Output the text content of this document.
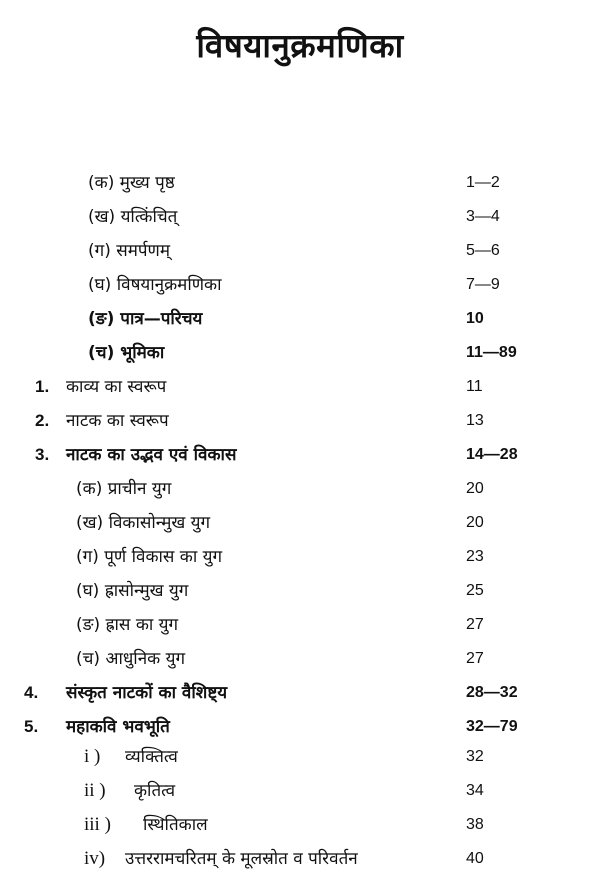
विषयानुक्रमणिका
(क) मुख्य पृष्ठ	1—2
(ख) यत्किंचित्	3—4
(ग) समर्पणम्	5—6
(घ) विषयानुक्रमणिका	7—9
(ङ) पात्र—परिचय	10
(च) भूमिका	11—89
1. काव्य का स्वरूप	11
2. नाटक का स्वरूप	13
3. नाटक का उद्भव एवं विकास	14—28
(क) प्राचीन युग	20
(ख) विकासोन्मुख युग	20
(ग) पूर्ण विकास का युग	23
(घ) ह्रासोन्मुख युग	25
(ङ) ह्रास का युग	27
(च) आधुनिक युग	27
4. संस्कृत नाटकों का वैशिष्ट्य	28—32
5. महाकवि भवभूति	32—79
i ) व्यक्तित्व	32
ii ) कृतित्व	34
iii ) स्थितिकाल	38
iv) उत्तररामचरितम् के मूलस्रोत व परिवर्तन	40
